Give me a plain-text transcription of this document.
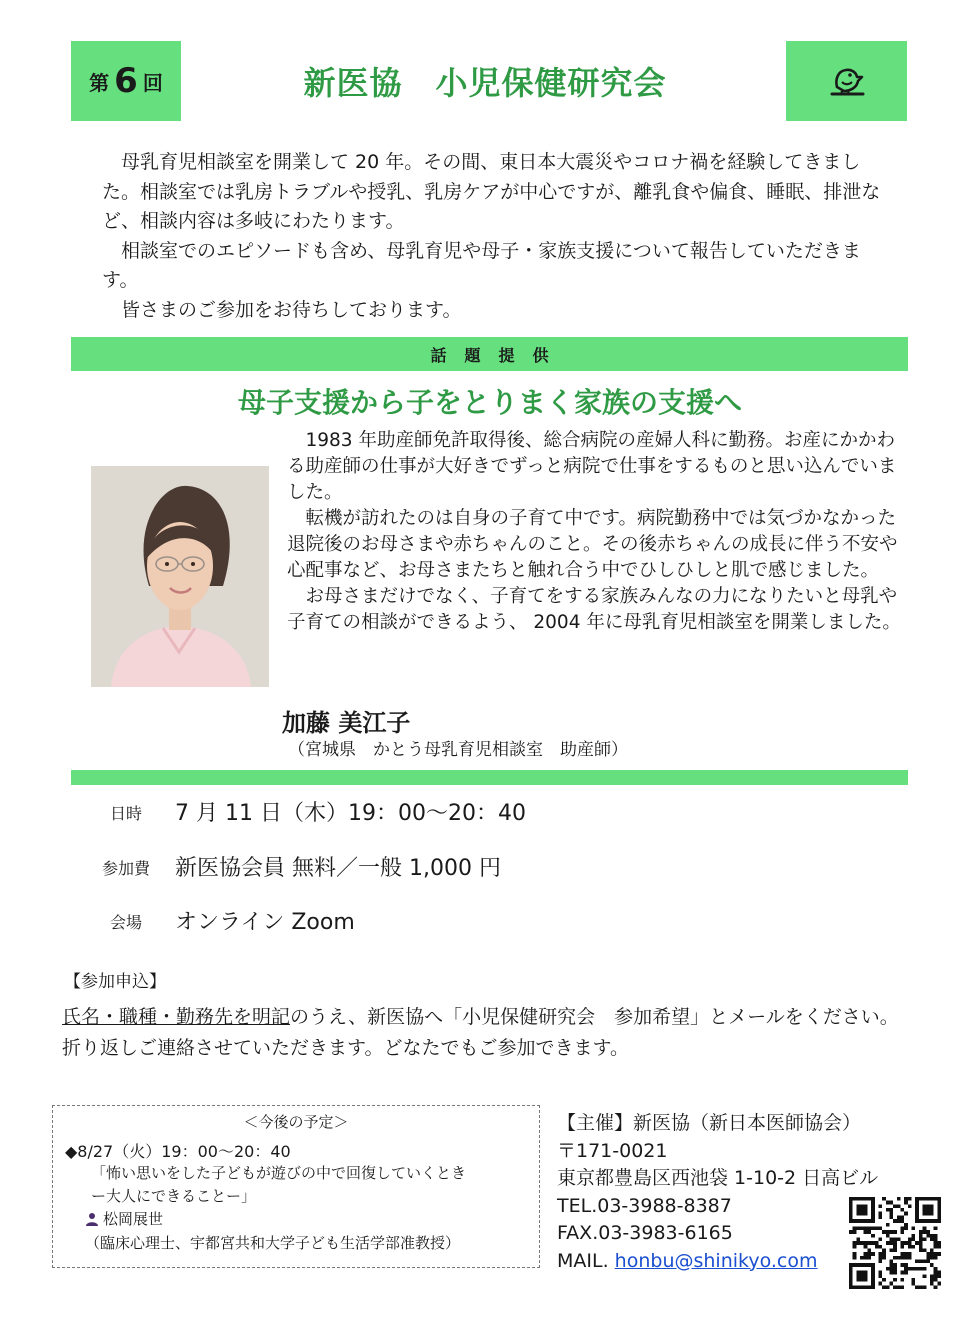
第 6 回	新医協　小児保健研究会

　母乳育児相談室を開業して 20 年。その間、東日本大震災やコロナ禍を経験してきました。相談室では乳房トラブルや授乳、乳房ケアが中心ですが、離乳食や偏食、睡眠、排泄など、相談内容は多岐にわたります。

　相談室でのエピソードも含め、母乳育児や母子・家族支援について報告していただきます。

　皆さまのご参加をお待ちしております。

話題提供
母子支援から子をとりまく家族の支援へ

　1983 年助産師免許取得後、総合病院の産婦人科に勤務。お産にかかわる助産師の仕事が大好きでずっと病院で仕事をするものと思い込んでいました。

　転機が訪れたのは自身の子育て中です。病院勤務中では気づかなかった退院後のお母さまや赤ちゃんのこと。その後赤ちゃんの成長に伴う不安や心配事など、お母さまたちと触れ合う中でひしひしと肌で感じました。

　お母さまだけでなく、子育てをする家族みんなの力になりたいと母乳や子育ての相談ができるよう、 2004 年に母乳育児相談室を開業しました。

加藤 美江子
（宮城県　かとう母乳育児相談室　助産師）
日時	7 月 11 日（木）19：00〜20：40
参加費	新医協会員 無料／一般 1,000 円
会場	オンライン Zoom
【参加申込】

氏名・職種・勤務先を明記のうえ、新医協へ「小児保健研究会　参加希望」とメールをください。

折り返しご連絡させていただきます。どなたでもご参加できます。

＜今後の予定＞
◆8/27（火）19：00〜20：40

「怖い思いをした子どもが遊びの中で回復していくとき

ー大人にできることー」

松岡展世
（臨床心理士、宇都宮共和大学子ども生活学部准教授）

【主催】新医協（新日本医師協会）

〒171-0021

東京都豊島区西池袋 1-10-2 日高ビル

TEL.03-3988-8387

FAX.03-3983-6165

MAIL. honbu@shinikyo.com
